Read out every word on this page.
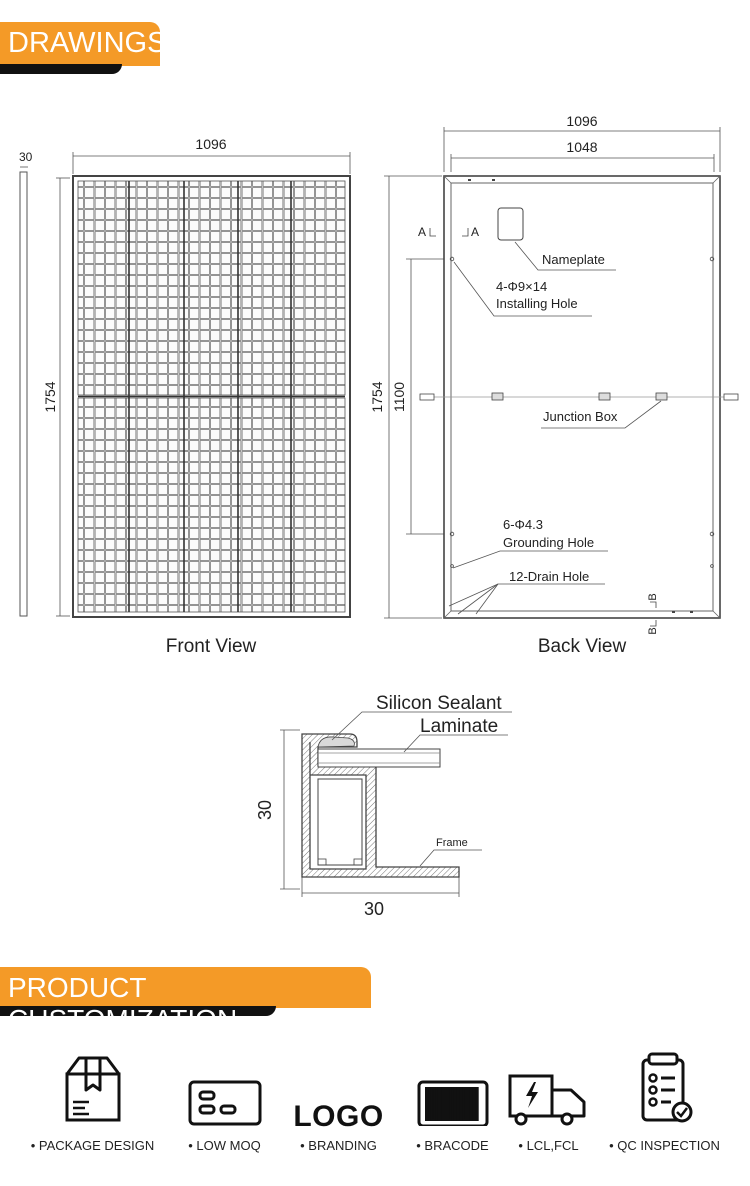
DRAWINGS
30
1096
1754
Front View
1096
1048
1754 1100
A	A
B
B
Nameplate
4-Φ9×14
Installing Hole
Junction Box
6-Φ4.3
Grounding Hole
12-Drain Hole
Back View
30
30
Silicon Sealant
Laminate
Frame
PRODUCT CUSTOMIZATION
• PACKAGE DESIGN	• LOW MOQ
LOGO
• BRANDING	• BRACODE	• LCL,FCL	• QC INSPECTION
